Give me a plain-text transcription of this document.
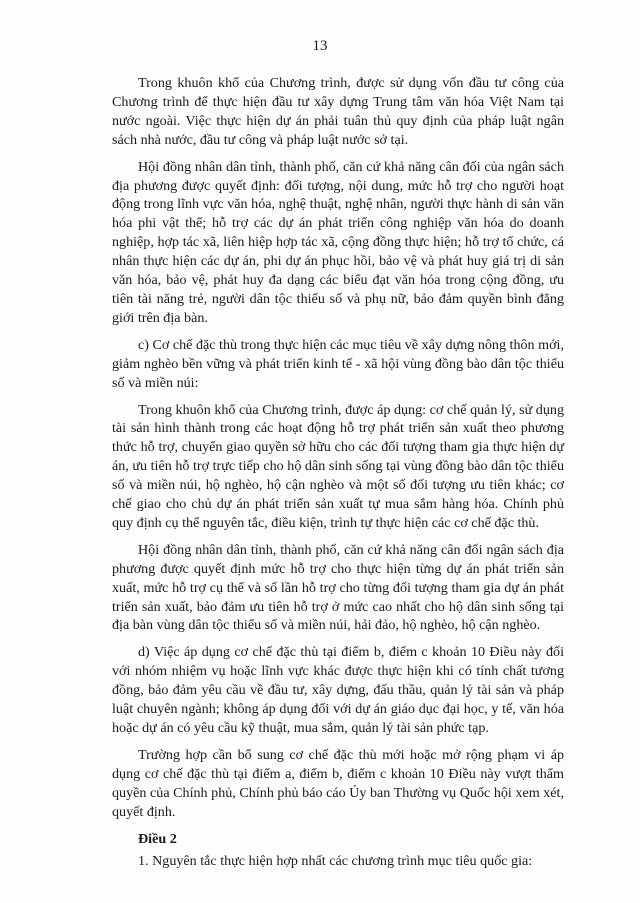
13

Trong khuôn khổ của Chương trình, được sử dụng vốn đầu tư công của Chương trình để thực hiện đầu tư xây dựng Trung tâm văn hóa Việt Nam tại nước ngoài. Việc thực hiện dự án phải tuân thủ quy định của pháp luật ngân sách nhà nước, đầu tư công và pháp luật nước sở tại.

Hội đồng nhân dân tỉnh, thành phố, căn cứ khả năng cân đối của ngân sách địa phương được quyết định: đối tượng, nội dung, mức hỗ trợ cho người hoạt động trong lĩnh vực văn hóa, nghệ thuật, nghệ nhân, người thực hành di sản văn hóa phi vật thể; hỗ trợ các dự án phát triển công nghiệp văn hóa do doanh nghiệp, hợp tác xã, liên hiệp hợp tác xã, cộng đồng thực hiện; hỗ trợ tổ chức, cá nhân thực hiện các dự án, phi dự án phục hồi, bảo vệ và phát huy giá trị di sản văn hóa, bảo vệ, phát huy đa dạng các biểu đạt văn hóa trong cộng đồng, ưu tiên tài năng trẻ, người dân tộc thiểu số và phụ nữ, bảo đảm quyền bình đẳng giới trên địa bàn.

c) Cơ chế đặc thù trong thực hiện các mục tiêu về xây dựng nông thôn mới, giảm nghèo bền vững và phát triển kinh tế - xã hội vùng đồng bào dân tộc thiểu số và miền núi:

Trong khuôn khổ của Chương trình, được áp dụng: cơ chế quản lý, sử dụng tài sản hình thành trong các hoạt động hỗ trợ phát triển sản xuất theo phương thức hỗ trợ, chuyển giao quyền sở hữu cho các đối tượng tham gia thực hiện dự án, ưu tiên hỗ trợ trực tiếp cho hộ dân sinh sống tại vùng đồng bào dân tộc thiểu số và miền núi, hộ nghèo, hộ cận nghèo và một số đối tượng ưu tiên khác; cơ chế giao cho chủ dự án phát triển sản xuất tự mua sắm hàng hóa. Chính phủ quy định cụ thể nguyên tắc, điều kiện, trình tự thực hiện các cơ chế đặc thù.

Hội đồng nhân dân tỉnh, thành phố, căn cứ khả năng cân đối ngân sách địa phương được quyết định mức hỗ trợ cho thực hiện từng dự án phát triển sản xuất, mức hỗ trợ cụ thể và số lần hỗ trợ cho từng đối tượng tham gia dự án phát triển sản xuất, bảo đảm ưu tiên hỗ trợ ở mức cao nhất cho hộ dân sinh sống tại địa bàn vùng dân tộc thiểu số và miền núi, hải đảo, hộ nghèo, hộ cận nghèo.

d) Việc áp dụng cơ chế đặc thù tại điểm b, điểm c khoản 10 Điều này đối với nhóm nhiệm vụ hoặc lĩnh vực khác được thực hiện khi có tính chất tương đồng, bảo đảm yêu cầu về đầu tư, xây dựng, đấu thầu, quản lý tài sản và pháp luật chuyên ngành; không áp dụng đối với dự án giáo dục đại học, y tế, văn hóa hoặc dự án có yêu cầu kỹ thuật, mua sắm, quản lý tài sản phức tạp.

Trường hợp cần bổ sung cơ chế đặc thù mới hoặc mở rộng phạm vi áp dụng cơ chế đặc thù tại điểm a, điểm b, điểm c khoản 10 Điều này vượt thẩm quyền của Chính phủ, Chính phủ báo cáo Ủy ban Thường vụ Quốc hội xem xét, quyết định.

Điều 2

1. Nguyên tắc thực hiện hợp nhất các chương trình mục tiêu quốc gia:
